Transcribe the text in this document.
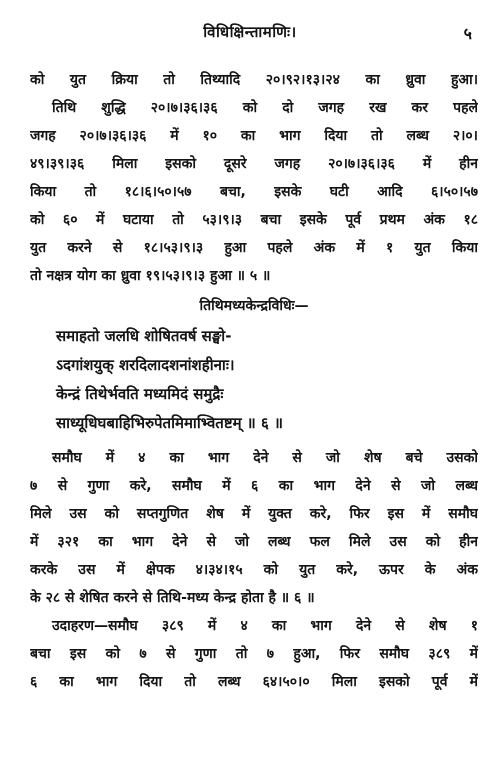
विधिक्षिन्तामणिः।	५
को युत क्रिया तो तिथ्यादि २०।९२।१३।२४ का ध्रुवा हुआ।
तिथि शुद्धि २०।७।३६।३६ को दो जगह रख कर पहले
जगह २०।७।३६।३६ में १० का भाग दिया तो लब्ध २।०।
४९।३९।३६ मिला इसको दूसरे जगह २०।७।३६।३६ में हीन
किया तो १८।६।५०।५७ बचा, इसके घटी आदि ६।५०।५७
को ६० में घटाया तो ५३।९।३ बचा इसके पूर्व प्रथम अंक १८
युत करने से १८।५३।९।३ हुआ पहले अंक में १ युत किया
तो नक्षत्र योग का ध्रुवा १९।५३।९।३ हुआ ॥ ५ ॥
तिथिमध्यकेन्द्रविधिः—
समाहतो जलधि शोषितवर्ष सङ्घो-
ऽदगांशयुक् शरदिलादशनांशहीनाः।
केन्द्रं तिथेर्भवति मध्यमिदं समुद्रैः
साध्यूधिघबाहिभिरुपेतमिमाभ्वितष्टम् ॥ ६ ॥
समौघ में ४ का भाग देने से जो शेष बचे उसको
७ से गुणा करे, समौघ में ६ का भाग देने से जो लब्ध
मिले उस को सप्तगुणित शेष में युक्त करे, फिर इस में समौघ
में ३२१ का भाग देने से जो लब्ध फल मिले उस को हीन
करके उस में क्षेपक ४।३४।१५ को युत करे, ऊपर के अंक
के २८ से शेषित करने से तिथि-मध्य केन्द्र होता है ॥ ६ ॥
उदाहरण—समौघ ३८९ में ४ का भाग देने से शेष १
बचा इस को ७ से गुणा तो ७ हुआ, फिर समौघ ३८९ में
६ का भाग दिया तो लब्ध ६४।५०।० मिला इसको पूर्व में
